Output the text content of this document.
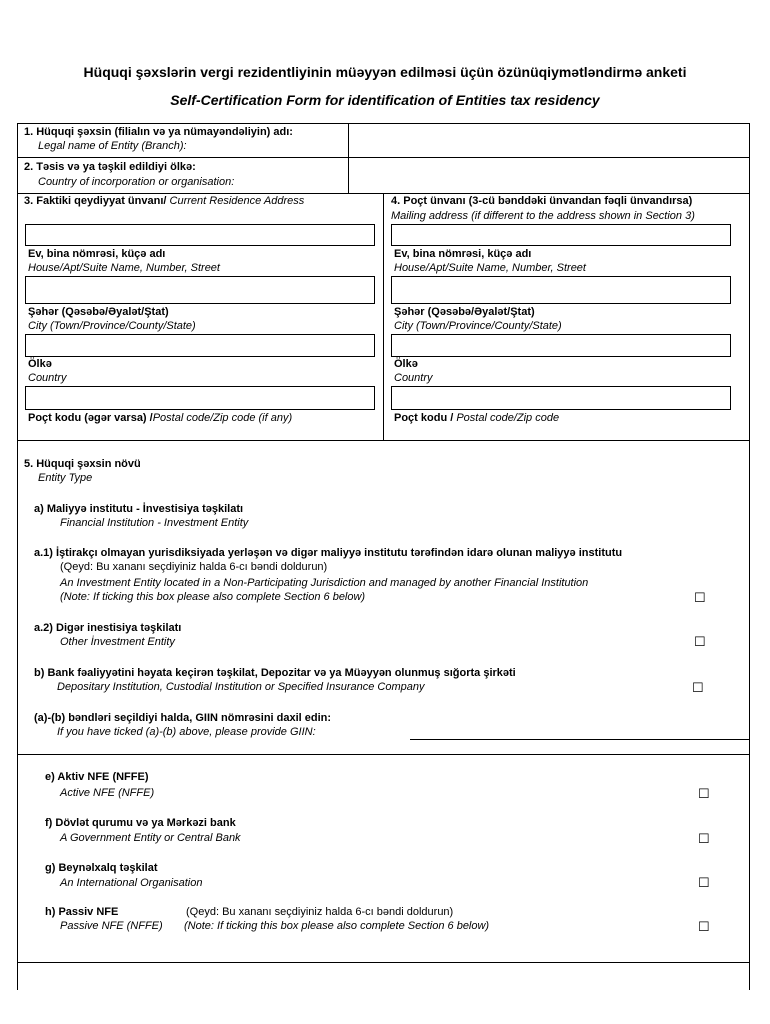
Hüquqi şəxslərin vergi rezidentliyinin müəyyən edilməsi üçün özünüqiymətləndirmə anketi
Self-Certification Form for identification of Entities tax residency
1. Hüquqi şəxsin (filialın və ya nümayəndəliyin) adı:
Legal name of Entity (Branch):
2. Təsis və ya təşkil edildiyi ölkə:
Country of incorporation or organisation:
3. Faktiki qeydiyyat ünvanı/ Current Residence Address
Ev, bina nömrəsi, küçə adı
House/Apt/Suite Name, Number, Street
Şəhər (Qəsəbə/Əyalət/Ştat)
City (Town/Province/County/State)
Ölkə
Country
Poçt kodu (əgər varsa) /Postal code/Zip code (if any)
4. Poçt ünvanı (3-cü bənddəki ünvandan fəqli ünvandırsa)
Mailing address (if different to the address shown in Section 3)
Ev, bina nömrəsi, küçə adı
House/Apt/Suite Name, Number, Street
Şəhər (Qəsəbə/Əyalət/Ştat)
City (Town/Province/County/State)
Ölkə
Country
Poçt kodu / Postal code/Zip code
5. Hüquqi şəxsin növü
Entity Type
a) Maliyyə institutu - İnvestisiya təşkilatı
Financial Institution - Investment Entity
a.1) İştirakçı olmayan yurisdiksiyada yerləşən və digər maliyyə institutu tərəfindən idarə olunan maliyyə institutu
(Qeyd: Bu xananı seçdiyiniz halda 6-cı bəndi doldurun)
An Investment Entity located in a Non-Participating Jurisdiction and managed by another Financial Institution
(Note: If ticking this box please also complete Section 6 below)	☐
a.2) Digər inestisiya təşkilatı
Other İnvestment Entity	☐
b) Bank fəaliyyətini həyata keçirən təşkilat, Depozitar və ya Müəyyən olunmuş sığorta şirkəti
Depositary Institution, Custodial Institution or Specified Insurance Company	☐
(a)-(b) bəndləri seçildiyi halda, GIIN nömrəsini daxil edin:
If you have ticked (a)-(b) above, please provide GIIN:
e) Aktiv NFE (NFFE)
Active NFE (NFFE)	☐
f) Dövlət qurumu və ya Mərkəzi bank
A Government Entity or Central Bank	☐
g) Beynəlxalq təşkilat
An International Organisation	☐
h) Passiv NFE	(Qeyd: Bu xananı seçdiyiniz halda 6-cı bəndi doldurun)
Passive NFE (NFFE) (Note: If ticking this box please also complete Section 6 below)	☐
